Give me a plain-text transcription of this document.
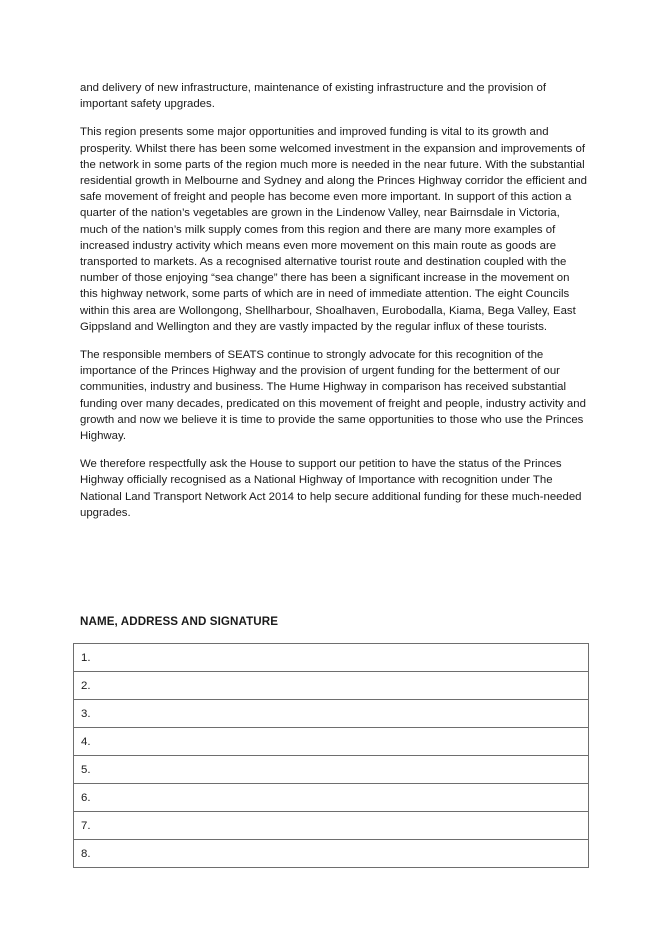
and delivery of new infrastructure, maintenance of existing infrastructure and the provision of important safety upgrades.

This region presents some major opportunities and improved funding is vital to its growth and prosperity. Whilst there has been some welcomed investment in the expansion and improvements of the network in some parts of the region much more is needed in the near future. With the substantial residential growth in Melbourne and Sydney and along the Princes Highway corridor the efficient and safe movement of freight and people has become even more important. In support of this action a quarter of the nation’s vegetables are grown in the Lindenow Valley, near Bairnsdale in Victoria, much of the nation’s milk supply comes from this region and there are many more examples of increased industry activity which means even more movement on this main route as goods are transported to markets. As a recognised alternative tourist route and destination coupled with the number of those enjoying “sea change” there has been a significant increase in the movement on this highway network, some parts of which are in need of immediate attention. The eight Councils within this area are Wollongong, Shellharbour, Shoalhaven, Eurobodalla, Kiama, Bega Valley, East Gippsland and Wellington and they are vastly impacted by the regular influx of these tourists.

The responsible members of SEATS continue to strongly advocate for this recognition of the importance of the Princes Highway and the provision of urgent funding for the betterment of our communities, industry and business. The Hume Highway in comparison has received substantial funding over many decades, predicated on this movement of freight and people, industry activity and growth and now we believe it is time to provide the same opportunities to those who use the Princes Highway.

We therefore respectfully ask the House to support our petition to have the status of the Princes Highway officially recognised as a National Highway of Importance with recognition under The National Land Transport Network Act 2014 to help secure additional funding for these much-needed upgrades.

NAME, ADDRESS AND SIGNATURE

1.
2.
3.
4.
5.
6.
7.
8.
